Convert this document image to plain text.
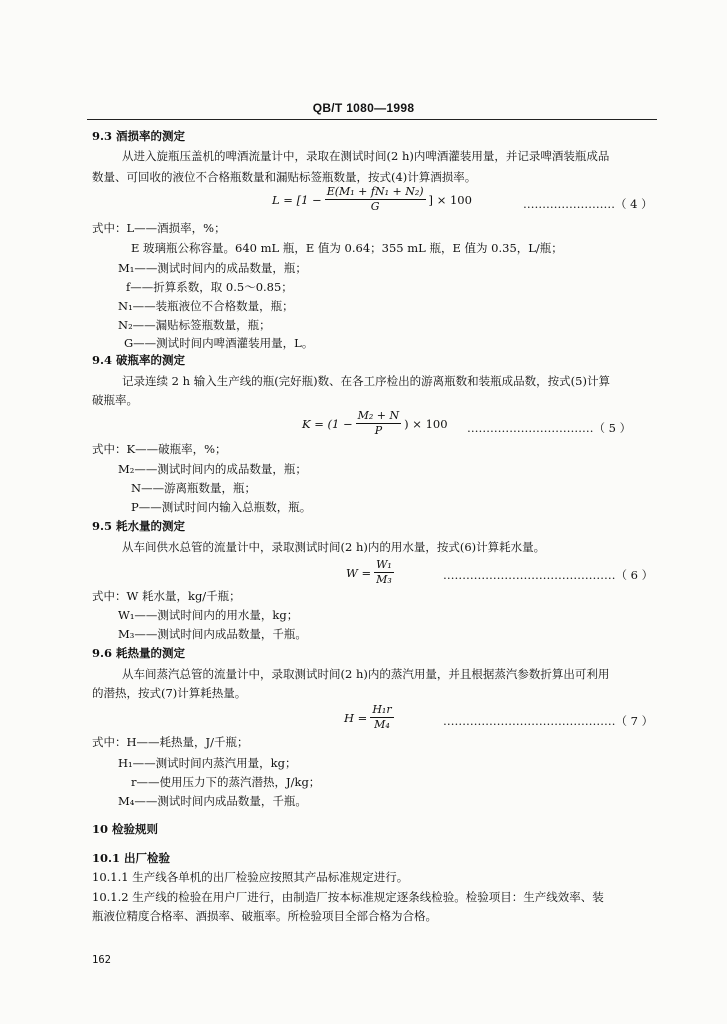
QB/T 1080—1998
9.3 酒损率的测定
从进入旋瓶压盖机的啤酒流量计中，录取在测试时间(2 h)内啤酒灌装用量，并记录啤酒装瓶成品
数量、可回收的液位不合格瓶数量和漏贴标签瓶数量，按式(4)计算酒损率。
$L = [1 - \frac{\text{E(M₁ + fN₁ + N₂)}}{G}$ ] × 100	……………………（ 4 ）
式中：L——酒损率，%；
E 玻璃瓶公称容量。640 mL 瓶，E 值为 0.64；355 mL 瓶，E 值为 0.35，L/瓶；
M₁——测试时间内的成品数量，瓶；
f——折算系数，取 0.5～0.85；
N₁——装瓶液位不合格数量，瓶；
N₂——漏贴标签瓶数量，瓶；
G——测试时间内啤酒灌装用量，L。
9.4 破瓶率的测定
记录连续 2 h 输入生产线的瓶(完好瓶)数、在各工序检出的游离瓶数和装瓶成品数，按式(5)计算
破瓶率。
$K = (1 - \frac{\text{M₂ + N}}{P}$ ) × 100 ……………………………（ 5 ）
式中：K——破瓶率，%；
M₂——测试时间内的成品数量，瓶；
N——游离瓶数量，瓶；
P——测试时间内输入总瓶数，瓶。
9.5 耗水量的测定
从车间供水总管的流量计中，录取测试时间(2 h)内的用水量，按式(6)计算耗水量。
$W = \frac{\text{W₁}}{\text{M₃}}$	………………………………………（ 6 ）
式中：W 耗水量，kg/千瓶；
W₁——测试时间内的用水量，kg；
M₃——测试时间内成品数量，千瓶。
9.6 耗热量的测定
从车间蒸汽总管的流量计中，录取测试时间(2 h)内的蒸汽用量，并且根据蒸汽参数折算出可利用
的潜热，按式(7)计算耗热量。
$H = \frac{\text{H₁r}}{\text{M₄}}$	………………………………………（ 7 ）
式中：H——耗热量，J/千瓶；
H₁——测试时间内蒸汽用量，kg；
r——使用压力下的蒸汽潜热，J/kg；
M₄——测试时间内成品数量，千瓶。
10 检验规则
10.1 出厂检验
10.1.1 生产线各单机的出厂检验应按照其产品标准规定进行。
10.1.2 生产线的检验在用户厂进行，由制造厂按本标准规定逐条线检验。检验项目：生产线效率、装
瓶液位精度合格率、酒损率、破瓶率。所检验项目全部合格为合格。
162
